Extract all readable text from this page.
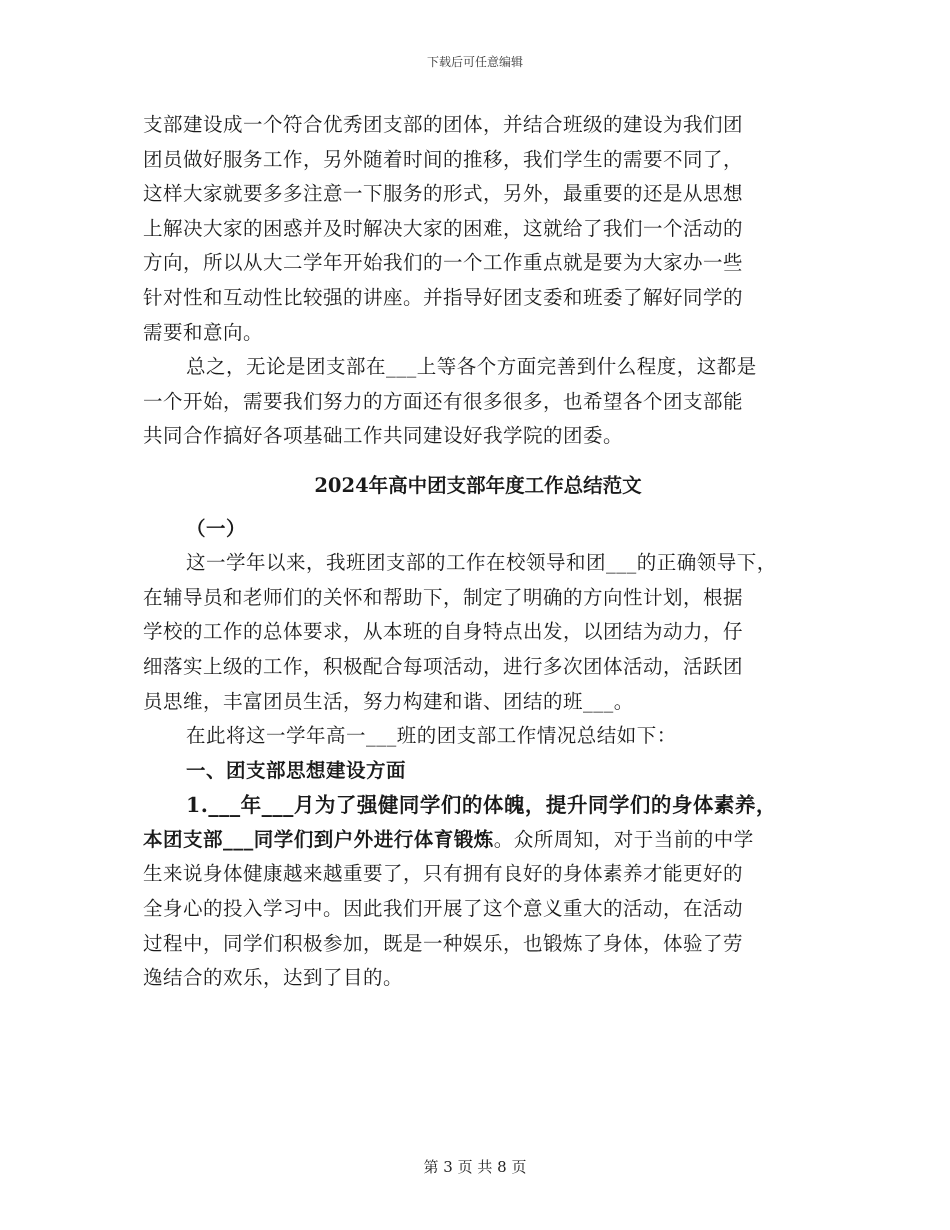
下载后可任意编辑
支部建设成一个符合优秀团支部的团体，并结合班级的建设为我们团
团员做好服务工作，另外随着时间的推移，我们学生的需要不同了，
这样大家就要多多注意一下服务的形式，另外，最重要的还是从思想
上解决大家的困惑并及时解决大家的困难，这就给了我们一个活动的
方向，所以从大二学年开始我们的一个工作重点就是要为大家办一些
针对性和互动性比较强的讲座。并指导好团支委和班委了解好同学的
需要和意向。
总之，无论是团支部在___上等各个方面完善到什么程度，这都是
一个开始，需要我们努力的方面还有很多很多，也希望各个团支部能
共同合作搞好各项基础工作共同建设好我学院的团委。
2024年高中团支部年度工作总结范文
（一）
这一学年以来，我班团支部的工作在校领导和团___的正确领导下，
在辅导员和老师们的关怀和帮助下，制定了明确的方向性计划，根据
学校的工作的总体要求，从本班的自身特点出发，以团结为动力，仔
细落实上级的工作，积极配合每项活动，进行多次团体活动，活跃团
员思维，丰富团员生活，努力构建和谐、团结的班___。
在此将这一学年高一___班的团支部工作情况总结如下：
一、团支部思想建设方面
1.___年___月为了强健同学们的体魄，提升同学们的身体素养，
本团支部___同学们到户外进行体育锻炼。众所周知，对于当前的中学
生来说身体健康越来越重要了，只有拥有良好的身体素养才能更好的
全身心的投入学习中。因此我们开展了这个意义重大的活动，在活动
过程中，同学们积极参加，既是一种娱乐，也锻炼了身体，体验了劳
逸结合的欢乐，达到了目的。
第 3 页 共 8 页
